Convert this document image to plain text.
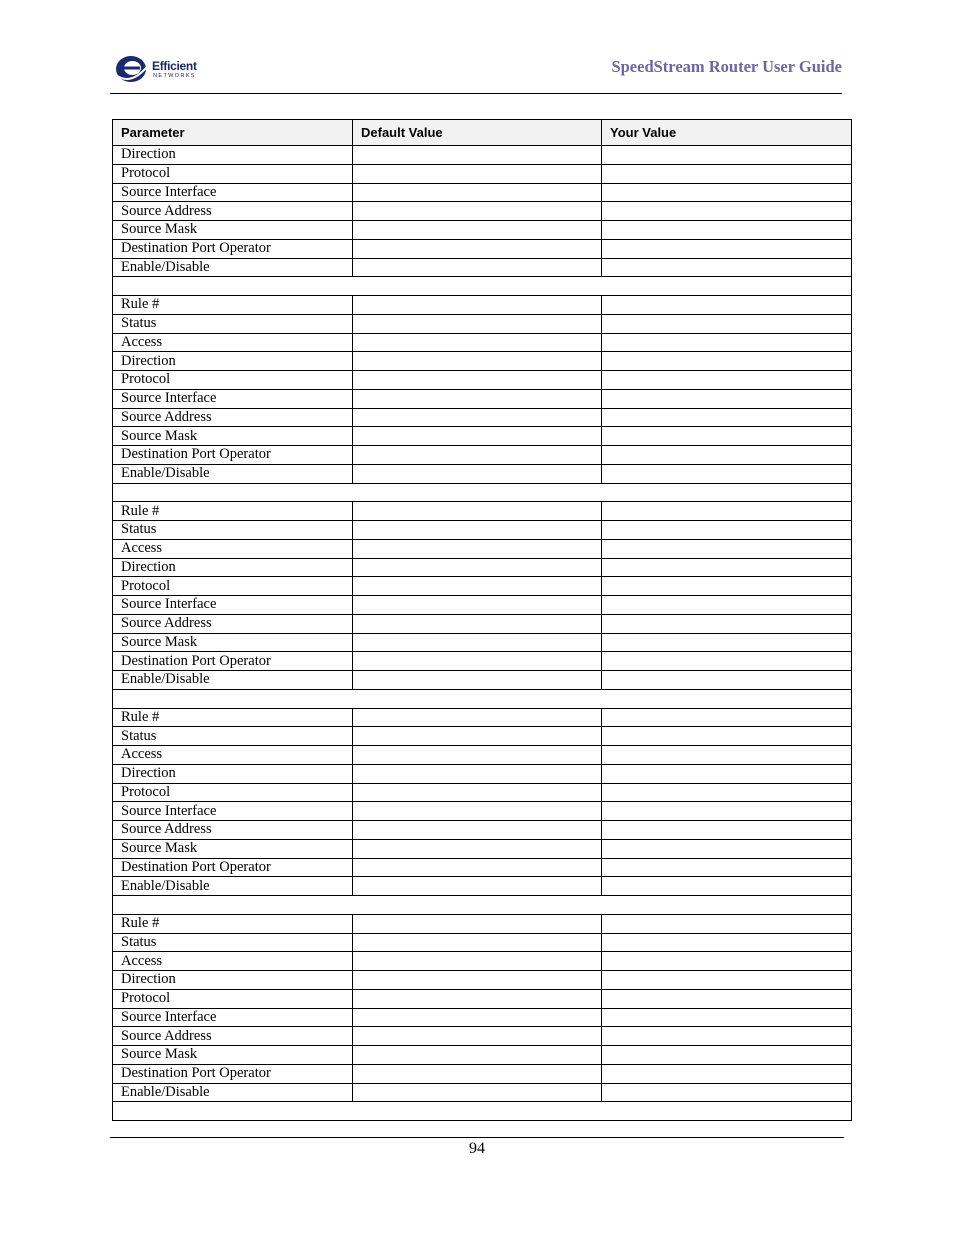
Efficient
NETWORKS	SpeedStream Router User Guide
Parameter	Default Value	Your Value
Direction		
Protocol		
Source Interface		
Source Address		
Source Mask		
Destination Port Operator		
Enable/Disable		

Rule #		
Status		
Access		
Direction		
Protocol		
Source Interface		
Source Address		
Source Mask		
Destination Port Operator		
Enable/Disable		

Rule #		
Status		
Access		
Direction		
Protocol		
Source Interface		
Source Address		
Source Mask		
Destination Port Operator		
Enable/Disable		

Rule #		
Status		
Access		
Direction		
Protocol		
Source Interface		
Source Address		
Source Mask		
Destination Port Operator		
Enable/Disable		

Rule #		
Status		
Access		
Direction		
Protocol		
Source Interface		
Source Address		
Source Mask		
Destination Port Operator		
Enable/Disable		

94
